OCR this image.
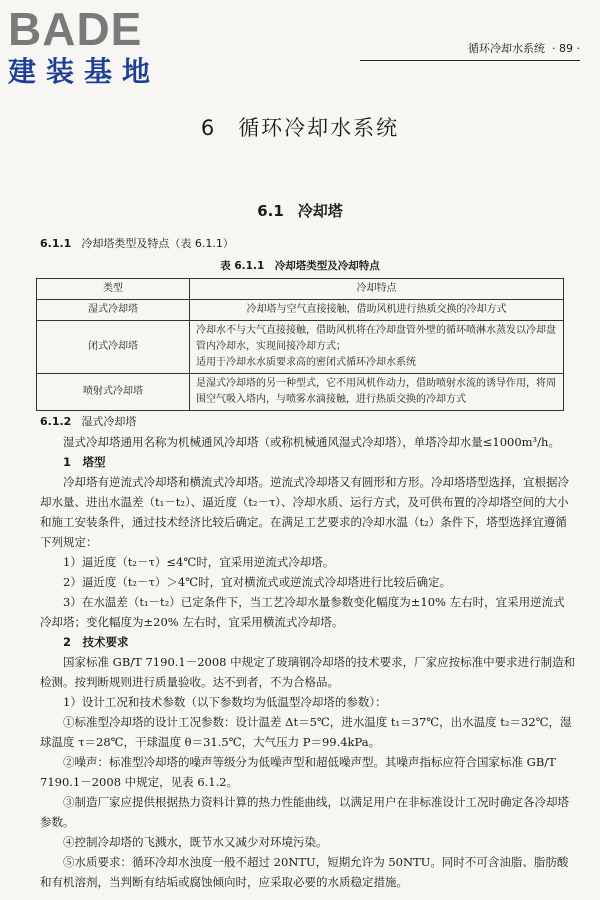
BADE
建装基地
循环冷却水系统 · 89 ·
6 循环冷却水系统
6.1 冷却塔
6.1.1 冷却塔类型及特点（表 6.1.1）
表 6.1.1　冷却塔类型及冷却特点
类型	冷却特点
湿式冷却塔	冷却塔与空气直接接触，借助风机进行热质交换的冷却方式

闭式冷却塔	冷却水不与大气直接接触，借助风机将在冷却盘管外壁的循环喷淋水蒸发以冷却盘管内冷却水，实现间接冷却方式；
适用于冷却水水质要求高的密闭式循环冷却水系统

喷射式冷却塔	是湿式冷却塔的另一种型式，它不用风机作动力，借助喷射水流的诱导作用，将周围空气吸入塔内，与喷雾水滴接触，进行热质交换的冷却方式
6.1.2 湿式冷却塔

湿式冷却塔通用名称为机械通风冷却塔（或称机械通风湿式冷却塔），单塔冷却水量≤1000m³/h。

1　塔型

冷却塔有逆流式冷却塔和横流式冷却塔。逆流式冷却塔又有圆形和方形。冷却塔塔型选择，宜根据冷却水量、进出水温差（t₁－t₂）、逼近度（t₂－τ）、冷却水质、运行方式，及可供布置的冷却塔空间的大小和施工安装条件，通过技术经济比较后确定。在满足工艺要求的冷却水温（t₂）条件下，塔型选择宜遵循下列规定：

1）逼近度（t₂－τ）≤4℃时，宜采用逆流式冷却塔。

2）逼近度（t₂－τ）＞4℃时，宜对横流式或逆流式冷却塔进行比较后确定。

3）在水温差（t₁－t₂）已定条件下，当工艺冷却水量参数变化幅度为±10% 左右时，宜采用逆流式冷却塔；变化幅度为±20% 左右时，宜采用横流式冷却塔。

2　技术要求

国家标准 GB/T 7190.1－2008 中规定了玻璃钢冷却塔的技术要求，厂家应按标准中要求进行制造和检测。按判断规则进行质量验收。达不到者，不为合格品。

1）设计工况和技术参数（以下参数均为低温型冷却塔的参数）：

①标准型冷却塔的设计工况参数：设计温差 Δt＝5℃，进水温度 t₁＝37℃，出水温度 t₂＝32℃，湿球温度 τ＝28℃，干球温度 θ＝31.5℃，大气压力 P＝99.4kPa。

②噪声：标准型冷却塔的噪声等级分为低噪声型和超低噪声型。其噪声指标应符合国家标准 GB/T 7190.1－2008 中规定，见表 6.1.2。

③制造厂家应提供根据热力资料计算的热力性能曲线，以满足用户在非标准设计工况时确定各冷却塔参数。

④控制冷却塔的飞溅水，既节水又减少对环境污染。

⑤水质要求：循环冷却水浊度一般不超过 20NTU，短期允许为 50NTU。同时不可含油脂、脂肪酸和有机溶剂，当判断有结垢或腐蚀倾向时，应采取必要的水质稳定措施。
